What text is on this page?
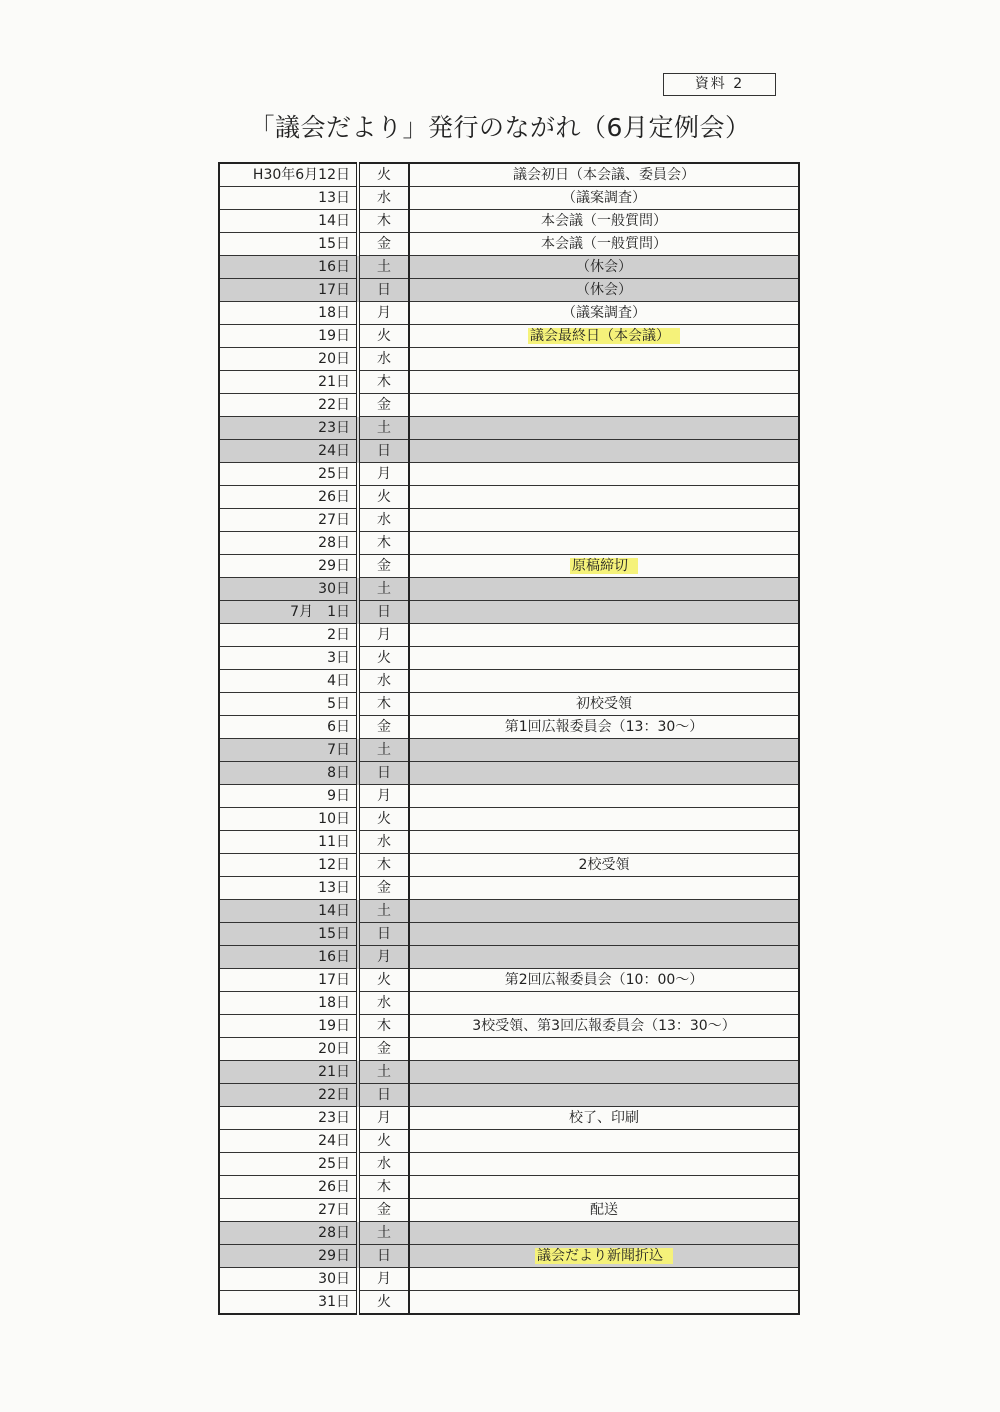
資料 2
「議会だより」発行のながれ（6月定例会）
H30年6月12日	火	議会初日（本会議、委員会）
13日	水	（議案調査）
14日	木	本会議（一般質問）
15日	金	本会議（一般質問）
16日	土	（休会）
17日	日	（休会）
18日	月	（議案調査）
19日	火	議会最終日（本会議）
20日	水	
21日	木	
22日	金	
23日	土	
24日	日	
25日	月	
26日	火	
27日	水	
28日	木	
29日	金	原稿締切
30日	土	
7月　1日	日	
2日	月	
3日	火	
4日	水	
5日	木	初校受領
6日	金	第1回広報委員会（13：30～）
7日	土	
8日	日	
9日	月	
10日	火	
11日	水	
12日	木	2校受領
13日	金	
14日	土	
15日	日	
16日	月	
17日	火	第2回広報委員会（10：00～）
18日	水	
19日	木	3校受領、第3回広報委員会（13：30～）
20日	金	
21日	土	
22日	日	
23日	月	校了、印刷
24日	火	
25日	水	
26日	木	
27日	金	配送
28日	土	
29日	日	議会だより新聞折込
30日	月	
31日	火	
